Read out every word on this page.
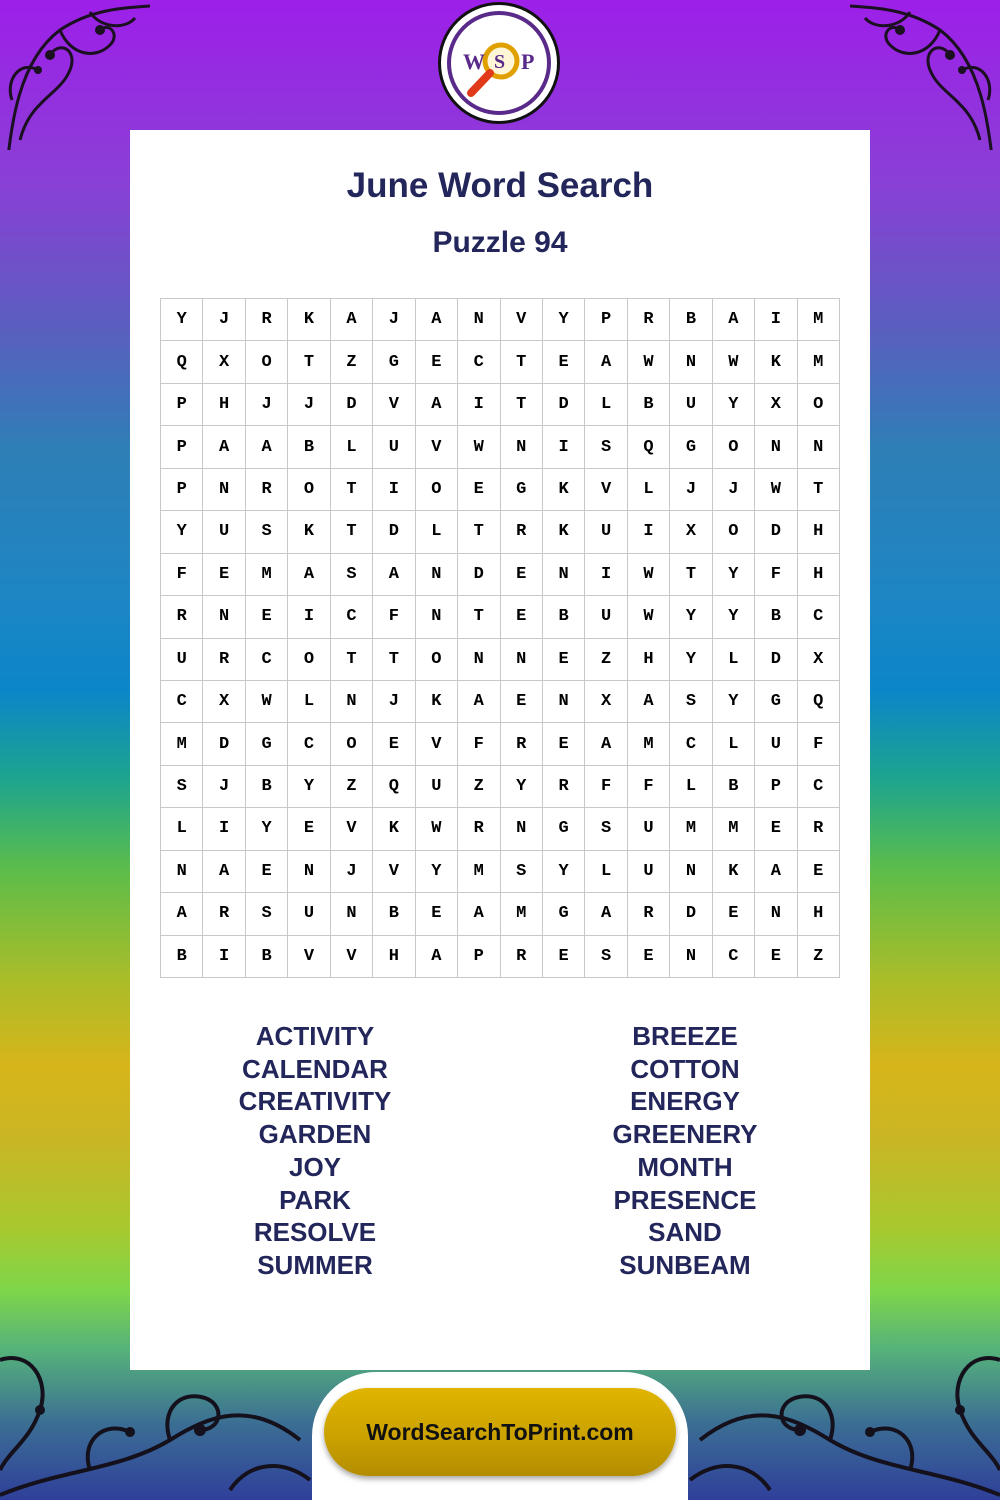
W S P
June Word Search
Puzzle 94
Y	J	R	K	A	J	A	N	V	Y	P	R	B	A	I	M
Q	X	O	T	Z	G	E	C	T	E	A	W	N	W	K	M
P	H	J	J	D	V	A	I	T	D	L	B	U	Y	X	O
P	A	A	B	L	U	V	W	N	I	S	Q	G	O	N	N
P	N	R	O	T	I	O	E	G	K	V	L	J	J	W	T
Y	U	S	K	T	D	L	T	R	K	U	I	X	O	D	H
F	E	M	A	S	A	N	D	E	N	I	W	T	Y	F	H
R	N	E	I	C	F	N	T	E	B	U	W	Y	Y	B	C
U	R	C	O	T	T	O	N	N	E	Z	H	Y	L	D	X
C	X	W	L	N	J	K	A	E	N	X	A	S	Y	G	Q
M	D	G	C	O	E	V	F	R	E	A	M	C	L	U	F
S	J	B	Y	Z	Q	U	Z	Y	R	F	F	L	B	P	C
L	I	Y	E	V	K	W	R	N	G	S	U	M	M	E	R
N	A	E	N	J	V	Y	M	S	Y	L	U	N	K	A	E
A	R	S	U	N	B	E	A	M	G	A	R	D	E	N	H
B	I	B	V	V	H	A	P	R	E	S	E	N	C	E	Z
ACTIVITY
CALENDAR
CREATIVITY
GARDEN
JOY
PARK
RESOLVE
SUMMER
BREEZE
COTTON
ENERGY
GREENERY
MONTH
PRESENCE
SAND
SUNBEAM
WordSearchToPrint.com
